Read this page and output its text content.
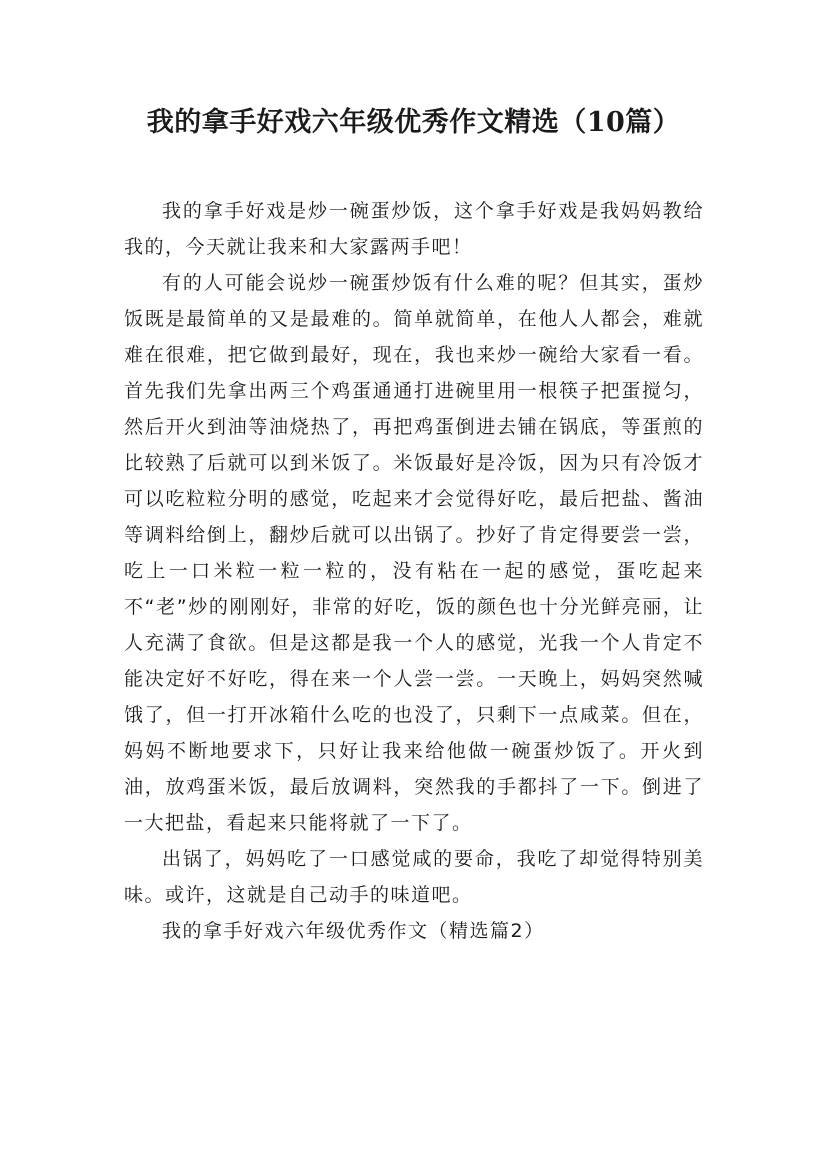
我的拿手好戏六年级优秀作文精选（10篇）

我的拿手好戏是炒一碗蛋炒饭，这个拿手好戏是我妈妈教给我的，今天就让我来和大家露两手吧！

有的人可能会说炒一碗蛋炒饭有什么难的呢？但其实，蛋炒饭既是最简单的又是最难的。简单就简单，在他人人都会，难就难在很难，把它做到最好，现在，我也来炒一碗给大家看一看。首先我们先拿出两三个鸡蛋通通打进碗里用一根筷子把蛋搅匀，然后开火到油等油烧热了，再把鸡蛋倒进去铺在锅底，等蛋煎的比较熟了后就可以到米饭了。米饭最好是冷饭，因为只有冷饭才可以吃粒粒分明的感觉，吃起来才会觉得好吃，最后把盐、酱油等调料给倒上，翻炒后就可以出锅了。抄好了肯定得要尝一尝，吃上一口米粒一粒一粒的，没有粘在一起的感觉，蛋吃起来不“老”炒的刚刚好，非常的好吃，饭的颜色也十分光鲜亮丽，让人充满了食欲。但是这都是我一个人的感觉，光我一个人肯定不能决定好不好吃，得在来一个人尝一尝。一天晚上，妈妈突然喊饿了，但一打开冰箱什么吃的也没了，只剩下一点咸菜。但在，妈妈不断地要求下，只好让我来给他做一碗蛋炒饭了。开火到油，放鸡蛋米饭，最后放调料，突然我的手都抖了一下。倒进了一大把盐，看起来只能将就了一下了。

出锅了，妈妈吃了一口感觉咸的要命，我吃了却觉得特别美味。或许，这就是自己动手的味道吧。

我的拿手好戏六年级优秀作文（精选篇2）
